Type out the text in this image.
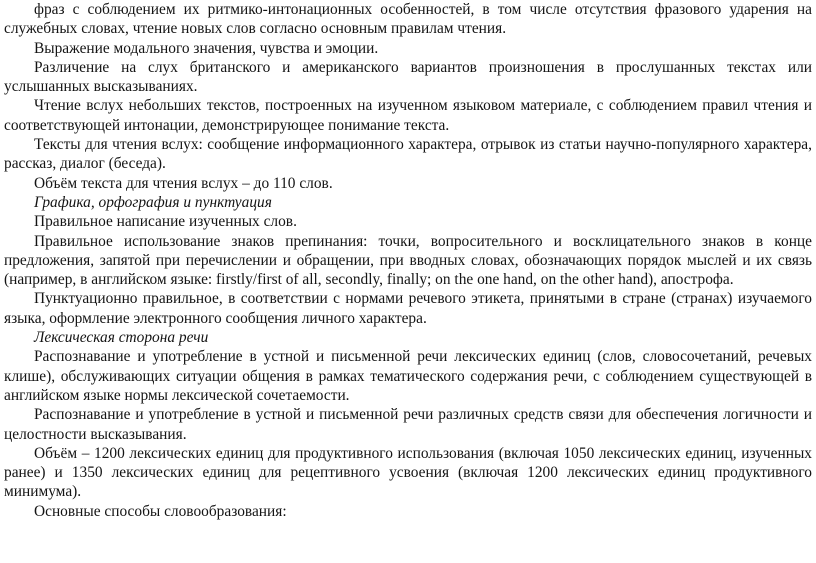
фраз с соблюдением их ритмико-интонационных особенностей, в том числе отсутствия фразового ударения на служебных словах, чтение новых слов согласно основным правилам чтения.

Выражение модального значения, чувства и эмоции.

Различение на слух британского и американского вариантов произношения в прослушанных текстах или услышанных высказываниях.

Чтение вслух небольших текстов, построенных на изученном языковом материале, с соблюдением правил чтения и соответствующей интонации, демонстрирующее понимание текста.

Тексты для чтения вслух: сообщение информационного характера, отрывок из статьи научно-популярного характера, рассказ, диалог (беседа).

Объём текста для чтения вслух – до 110 слов.

Графика, орфография и пунктуация

Правильное написание изученных слов.

Правильное использование знаков препинания: точки, вопросительного и восклицательного знаков в конце предложения, запятой при перечислении и обращении, при вводных словах, обозначающих порядок мыслей и их связь (например, в английском языке: firstly/first of all, secondly, finally; on the one hand, on the other hand), апострофа.

Пунктуационно правильное, в соответствии с нормами речевого этикета, принятыми в стране (странах) изучаемого языка, оформление электронного сообщения личного характера.

Лексическая сторона речи

Распознавание и употребление в устной и письменной речи лексических единиц (слов, словосочетаний, речевых клише), обслуживающих ситуации общения в рамках тематического содержания речи, с соблюдением существующей в английском языке нормы лексической сочетаемости.

Распознавание и употребление в устной и письменной речи различных средств связи для обеспечения логичности и целостности высказывания.

Объём – 1200 лексических единиц для продуктивного использования (включая 1050 лексических единиц, изученных ранее) и 1350 лексических единиц для рецептивного усвоения (включая 1200 лексических единиц продуктивного минимума).

Основные способы словообразования:
